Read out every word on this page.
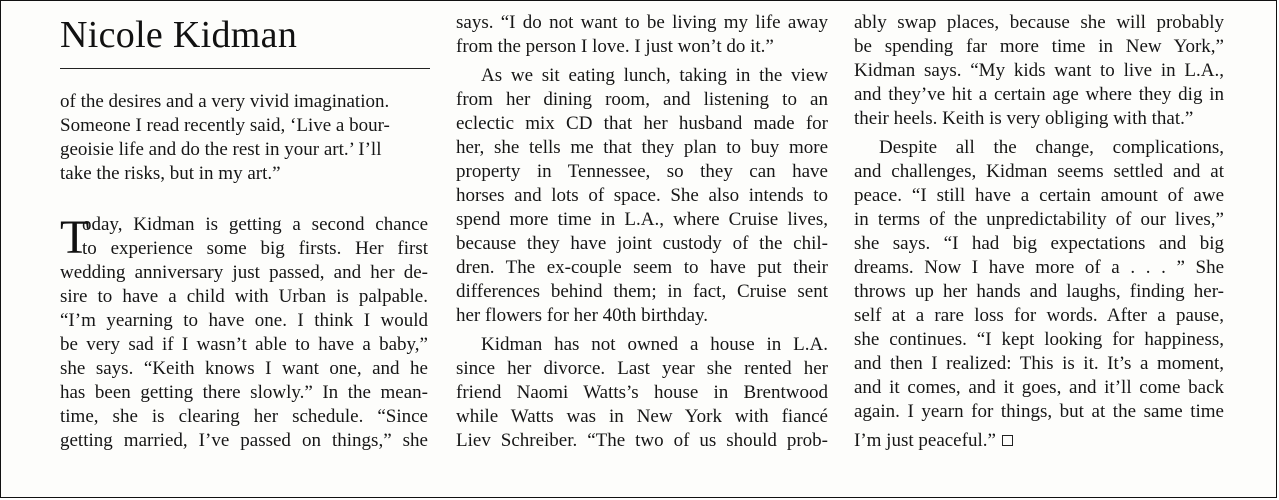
Nicole Kidman
T
of the desires and a very vivid imagination.
Someone I read recently said, ‘Live a bour-
geoisie life and do the rest in your art.’ I’ll
take the risks, but in my art.”
oday, Kidman is getting a second chance
to experience some big firsts. Her first
wedding anniversary just passed, and her de-
sire to have a child with Urban is palpable.
“I’m yearning to have one. I think I would
be very sad if I wasn’t able to have a baby,”
she says. “Keith knows I want one, and he
has been getting there slowly.” In the mean-
time, she is clearing her schedule. “Since
getting married, I’ve passed on things,” she
says. “I do not want to be living my life away
from the person I love. I just won’t do it.”
As we sit eating lunch, taking in the view
from her dining room, and listening to an
eclectic mix CD that her husband made for
her, she tells me that they plan to buy more
property in Tennessee, so they can have
horses and lots of space. She also intends to
spend more time in L.A., where Cruise lives,
because they have joint custody of the chil-
dren. The ex-couple seem to have put their
differences behind them; in fact, Cruise sent
her flowers for her 40th birthday.
Kidman has not owned a house in L.A.
since her divorce. Last year she rented her
friend Naomi Watts’s house in Brentwood
while Watts was in New York with fiancé
Liev Schreiber. “The two of us should prob-
ably swap places, because she will probably
be spending far more time in New York,”
Kidman says. “My kids want to live in L.A.,
and they’ve hit a certain age where they dig in
their heels. Keith is very obliging with that.”
Despite all the change, complications,
and challenges, Kidman seems settled and at
peace. “I still have a certain amount of awe
in terms of the unpredictability of our lives,”
she says. “I had big expectations and big
dreams. Now I have more of a . . . ” She
throws up her hands and laughs, finding her-
self at a rare loss for words. After a pause,
she continues. “I kept looking for happiness,
and then I realized: This is it. It’s a moment,
and it comes, and it goes, and it’ll come back
again. I yearn for things, but at the same time
I’m just peaceful.”
